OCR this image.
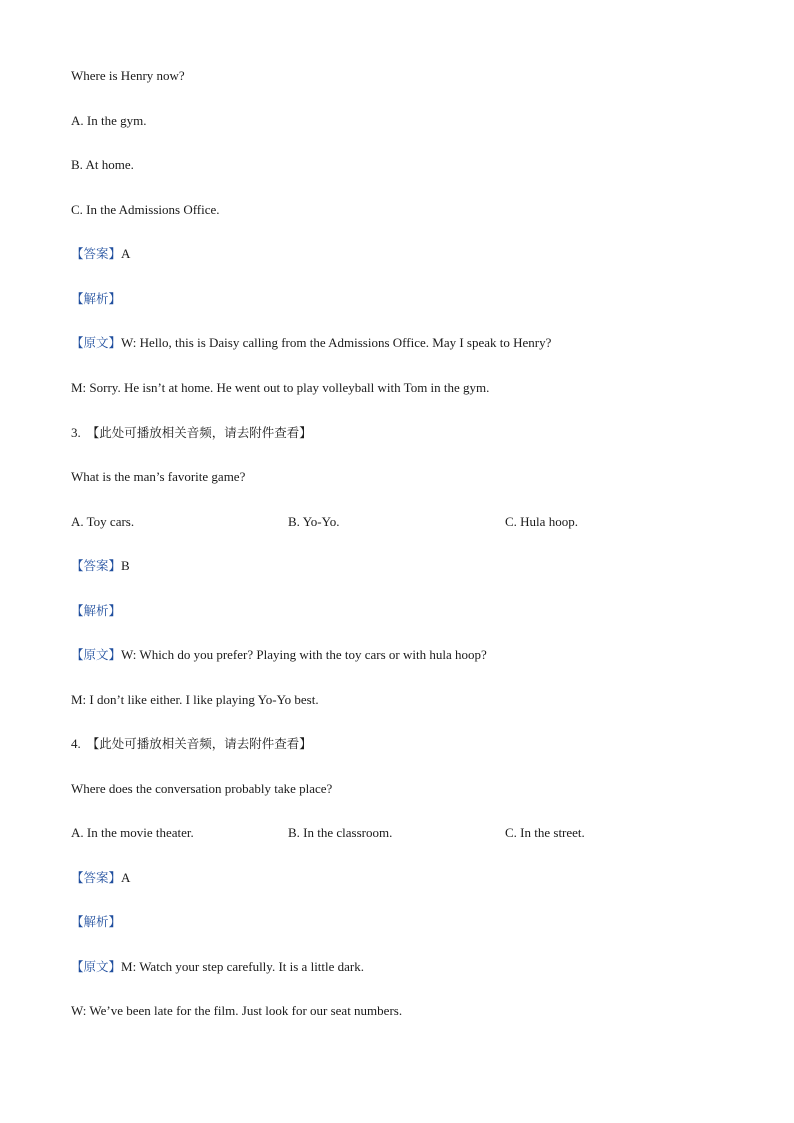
Where is Henry now?
A. In the gym.
B. At home.
C. In the Admissions Office.
【答案】A
【解析】
【原文】W: Hello, this is Daisy calling from the Admissions Office. May I speak to Henry?
M: Sorry. He isn’t at home. He went out to play volleyball with Tom in the gym.
3. 【此处可播放相关音频，请去附件查看】
What is the man’s favorite game?
A. Toy cars.	B. Yo-Yo.	C. Hula hoop.
【答案】B
【解析】
【原文】W: Which do you prefer? Playing with the toy cars or with hula hoop?
M: I don’t like either. I like playing Yo-Yo best.
4. 【此处可播放相关音频，请去附件查看】
Where does the conversation probably take place?
A. In the movie theater.	B. In the classroom.	C. In the street.
【答案】A
【解析】
【原文】M: Watch your step carefully. It is a little dark.
W: We’ve been late for the film. Just look for our seat numbers.
